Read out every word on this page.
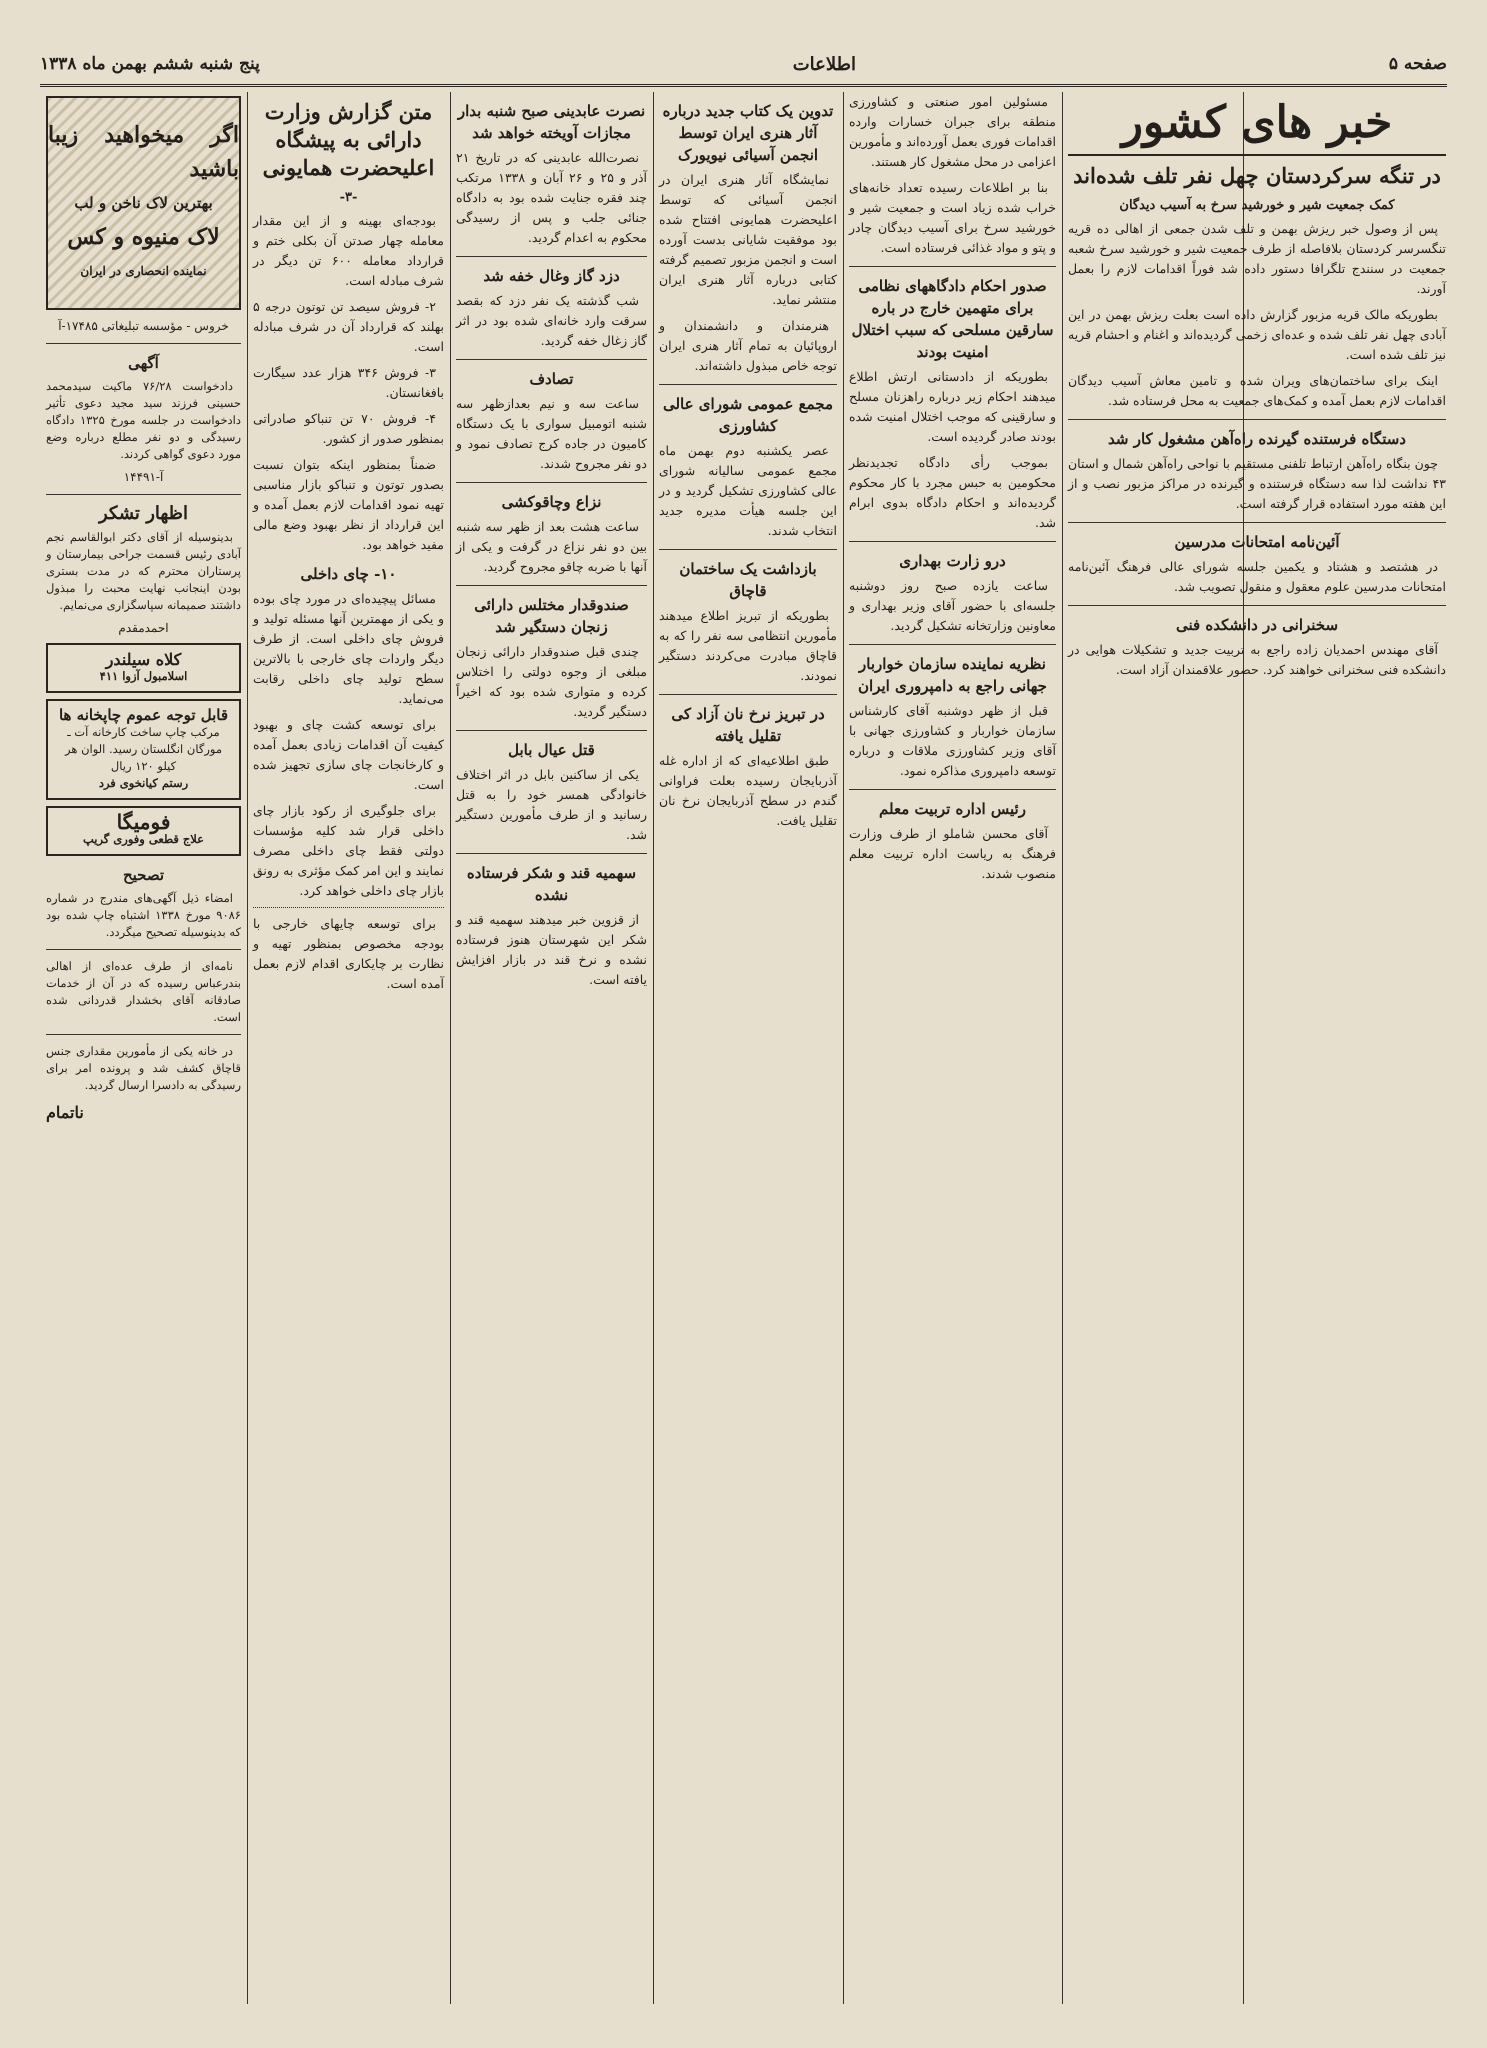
صفحه ۵
اطلاعات
پنج شنبه ششم بهمن ماه ۱۳۳۸
خبر های کشور
در تنگه سرکردستان چهل نفر تلف شده‌اند
کمک جمعیت شیر و خورشید سرخ به آسیب دیدگان

پس از وصول خبر ریزش بهمن و تلف شدن جمعی از اهالی ده قریه تنگسرسر کردستان بلافاصله از طرف جمعیت شیر و خورشید سرخ شعبه جمعیت در سنندج تلگرافا دستور داده شد فوراً اقدامات لازم را بعمل آورند.

بطوریکه مالک قریه مزبور گزارش داده است بعلت ریزش بهمن در این آبادی چهل نفر تلف شده و عده‌ای زخمی گردیده‌اند و اغنام و احشام قریه نیز تلف شده است.

اینک برای ساختمان‌های ویران شده و تامین معاش آسیب دیدگان اقدامات لازم بعمل آمده و کمک‌های جمعیت به محل فرستاده شد.

دستگاه فرستنده گیرنده راه‌آهن مشغول کار شد

چون بنگاه راه‌آهن ارتباط تلفنی مستقیم با نواحی راه‌آهن شمال و استان ۴۳ نداشت لذا سه دستگاه فرستنده و گیرنده در مراکز مزبور نصب و از این هفته مورد استفاده قرار گرفته است.

آئین‌نامه امتحانات مدرسین

در هشتصد و هشتاد و یکمین جلسه شورای عالی فرهنگ آئین‌نامه امتحانات مدرسین علوم معقول و منقول تصویب شد.

سخنرانی در دانشکده فنی

آقای مهندس احمدیان زاده راجع به تربیت جدید و تشکیلات هوایی در دانشکده فنی سخنرانی خواهند کرد. حضور علاقمندان آزاد است.

مسئولین امور صنعتی و کشاورزی منطقه برای جبران خسارات وارده اقدامات فوری بعمل آورده‌اند و مأمورین اعزامی در محل مشغول کار هستند.

بنا بر اطلاعات رسیده تعداد خانه‌های خراب شده زیاد است و جمعیت شیر و خورشید سرخ برای آسیب دیدگان چادر و پتو و مواد غذائی فرستاده است.

صدور احکام دادگاههای نظامی برای متهمین خارج در باره سارقین مسلحی که سبب اختلال امنیت بودند

بطوریکه از دادستانی ارتش اطلاع میدهند احکام زیر درباره راهزنان مسلح و سارقینی که موجب اختلال امنیت شده بودند صادر گردیده است.

بموجب رأی دادگاه تجدیدنظر محکومین به حبس مجرد با کار محکوم گردیده‌اند و احکام دادگاه بدوی ابرام شد.

درو زارت بهداری

ساعت یازده صبح روز دوشنبه جلسه‌ای با حضور آقای وزیر بهداری و معاونین وزارتخانه تشکیل گردید.

نظریه نماینده سازمان خواربار جهانی راجع به دامپروری ایران

قبل از ظهر دوشنبه آقای کارشناس سازمان خواربار و کشاورزی جهانی با آقای وزیر کشاورزی ملاقات و درباره توسعه دامپروری مذاکره نمود.

رئیس اداره تربیت معلم

آقای محسن شاملو از طرف وزارت فرهنگ به ریاست اداره تربیت معلم منصوب شدند.

تدوین یک کتاب جدید درباره آثار هنری ایران توسط انجمن آسیائی نیویورک

نمایشگاه آثار هنری ایران در انجمن آسیائی که توسط اعلیحضرت همایونی افتتاح شده بود موفقیت شایانی بدست آورده است و انجمن مزبور تصمیم گرفته کتابی درباره آثار هنری ایران منتشر نماید.

هنرمندان و دانشمندان و اروپائیان به تمام آثار هنری ایران توجه خاص مبذول داشته‌اند.

مجمع عمومی شورای عالی کشاورزی

عصر یکشنبه دوم بهمن ماه مجمع عمومی سالیانه شورای عالی کشاورزی تشکیل گردید و در این جلسه هیأت مدیره جدید انتخاب شدند.

بازداشت یک ساختمان قاچاق

بطوریکه از تبریز اطلاع میدهند مأمورین انتظامی سه نفر را که به قاچاق مبادرت می‌کردند دستگیر نمودند.

در تبریز نرخ نان آزاد کی تقلیل یافته

طبق اطلاعیه‌ای که از اداره غله آذربایجان رسیده بعلت فراوانی گندم در سطح آذربایجان نرخ نان تقلیل یافت.

نصرت عابدینی صبح شنبه بدار مجازات آویخته خواهد شد

نصرت‌الله عابدینی که در تاریخ ۲۱ آذر و ۲۵ و ۲۶ آبان و ۱۳۳۸ مرتکب چند فقره جنایت شده بود به دادگاه جنائی جلب و پس از رسیدگی محکوم به اعدام گردید.

دزد گاز وغال خفه شد

شب گذشته یک نفر دزد که بقصد سرقت وارد خانه‌ای شده بود در اثر گاز زغال خفه گردید.

تصادف

ساعت سه و نیم بعدازظهر سه شنبه اتومبیل سواری با یک دستگاه کامیون در جاده کرج تصادف نمود و دو نفر مجروح شدند.

نزاع وچاقوکشی

ساعت هشت بعد از ظهر سه شنبه بین دو نفر نزاع در گرفت و یکی از آنها با ضربه چاقو مجروح گردید.

صندوقدار مختلس دارائی زنجان دستگیر شد

چندی قبل صندوقدار دارائی زنجان مبلغی از وجوه دولتی را اختلاس کرده و متواری شده بود که اخیراً دستگیر گردید.

قتل عیال بابل

یکی از ساکنین بابل در اثر اختلاف خانوادگی همسر خود را به قتل رسانید و از طرف مأمورین دستگیر شد.

سهمیه قند و شکر فرستاده نشده

از قزوین خبر میدهند سهمیه قند و شکر این شهرستان هنوز فرستاده نشده و نرخ قند در بازار افزایش یافته است.

متن گزارش وزارت دارائی به پیشگاه اعلیحضرت همایونی
-۳-

بودجه‌ای بهینه و از این مقدار معامله چهار صدتن آن بکلی ختم و قرارداد معامله ۶۰۰ تن دیگر در شرف مبادله است.

۲- فروش سیصد تن توتون درجه ۵ بهلند که قرارداد آن در شرف مبادله است.

۳- فروش ۳۴۶ هزار عدد سیگارت بافغانستان.

۴- فروش ۷۰ تن تنباکو صادراتی بمنظور صدور از کشور.

ضمناً بمنظور اینکه بتوان نسبت بصدور توتون و تنباکو بازار مناسبی تهیه نمود اقدامات لازم بعمل آمده و این قرارداد از نظر بهبود وضع مالی مفید خواهد بود.

۱۰- چای داخلی

مسائل پیچیده‌ای در مورد چای بوده و یکی از مهمترین آنها مسئله تولید و فروش چای داخلی است. از طرف دیگر واردات چای خارجی با بالاترین سطح تولید چای داخلی رقابت می‌نماید.

برای توسعه کشت چای و بهبود کیفیت آن اقدامات زیادی بعمل آمده و کارخانجات چای سازی تجهیز شده است.

برای جلوگیری از رکود بازار چای داخلی قرار شد کلیه مؤسسات دولتی فقط چای داخلی مصرف نمایند و این امر کمک مؤثری به رونق بازار چای داخلی خواهد کرد.

برای توسعه چایهای خارجی با بودجه مخصوص بمنظور تهیه و نظارت بر چایکاری اقدام لازم بعمل آمده است.

اگر میخواهید زیبا باشید
بهترین لاک ناخن و لب
لاک منیوه و کس
نماینده انحصاری در ایران
خروس - مؤسسه تبلیغاتی ۱۷۴۸۵-آ
آگهی

دادخواست ۷۶/۲۸ ماکیت سیدمحمد حسینی فرزند سید مجید دعوی تأثیر دادخواست در جلسه مورخ ۱۳۲۵ دادگاه رسیدگی و دو نفر مطلع درباره وضع مورد دعوی گواهی کردند.

آ-۱۴۴۹۱
اظهار تشکر

بدینوسیله از آقای دکتر ابوالقاسم نجم آبادی رئیس قسمت جراحی بیمارستان و پرستاران محترم که در مدت بستری بودن اینجانب نهایت محبت را مبذول داشتند صمیمانه سپاسگزاری می‌نمایم.

احمدمقدم
کلاه سیلندر
اسلامبول آزوا ۴۱۱
قابل توجه عموم چاپخانه ها
مرکب چاپ ساخت کارخانه آت ـ مورگان انگلستان رسید. الوان هر کیلو ۱۲۰ ریال
رستم کیانخوی فرد
فومیگا
علاج قطعی وفوری گریپ
تصحیح

امضاء ذیل آگهی‌های مندرج در شماره ۹۰۸۶ مورخ ۱۳۳۸ اشتباه چاپ شده بود که بدینوسیله تصحیح میگردد.

نامه‌ای از طرف عده‌ای از اهالی بندرعباس رسیده که در آن از خدمات صادقانه آقای بخشدار قدردانی شده است.

در خانه یکی از مأمورین مقداری جنس قاچاق کشف شد و پرونده امر برای رسیدگی به دادسرا ارسال گردید.

ناتمام
